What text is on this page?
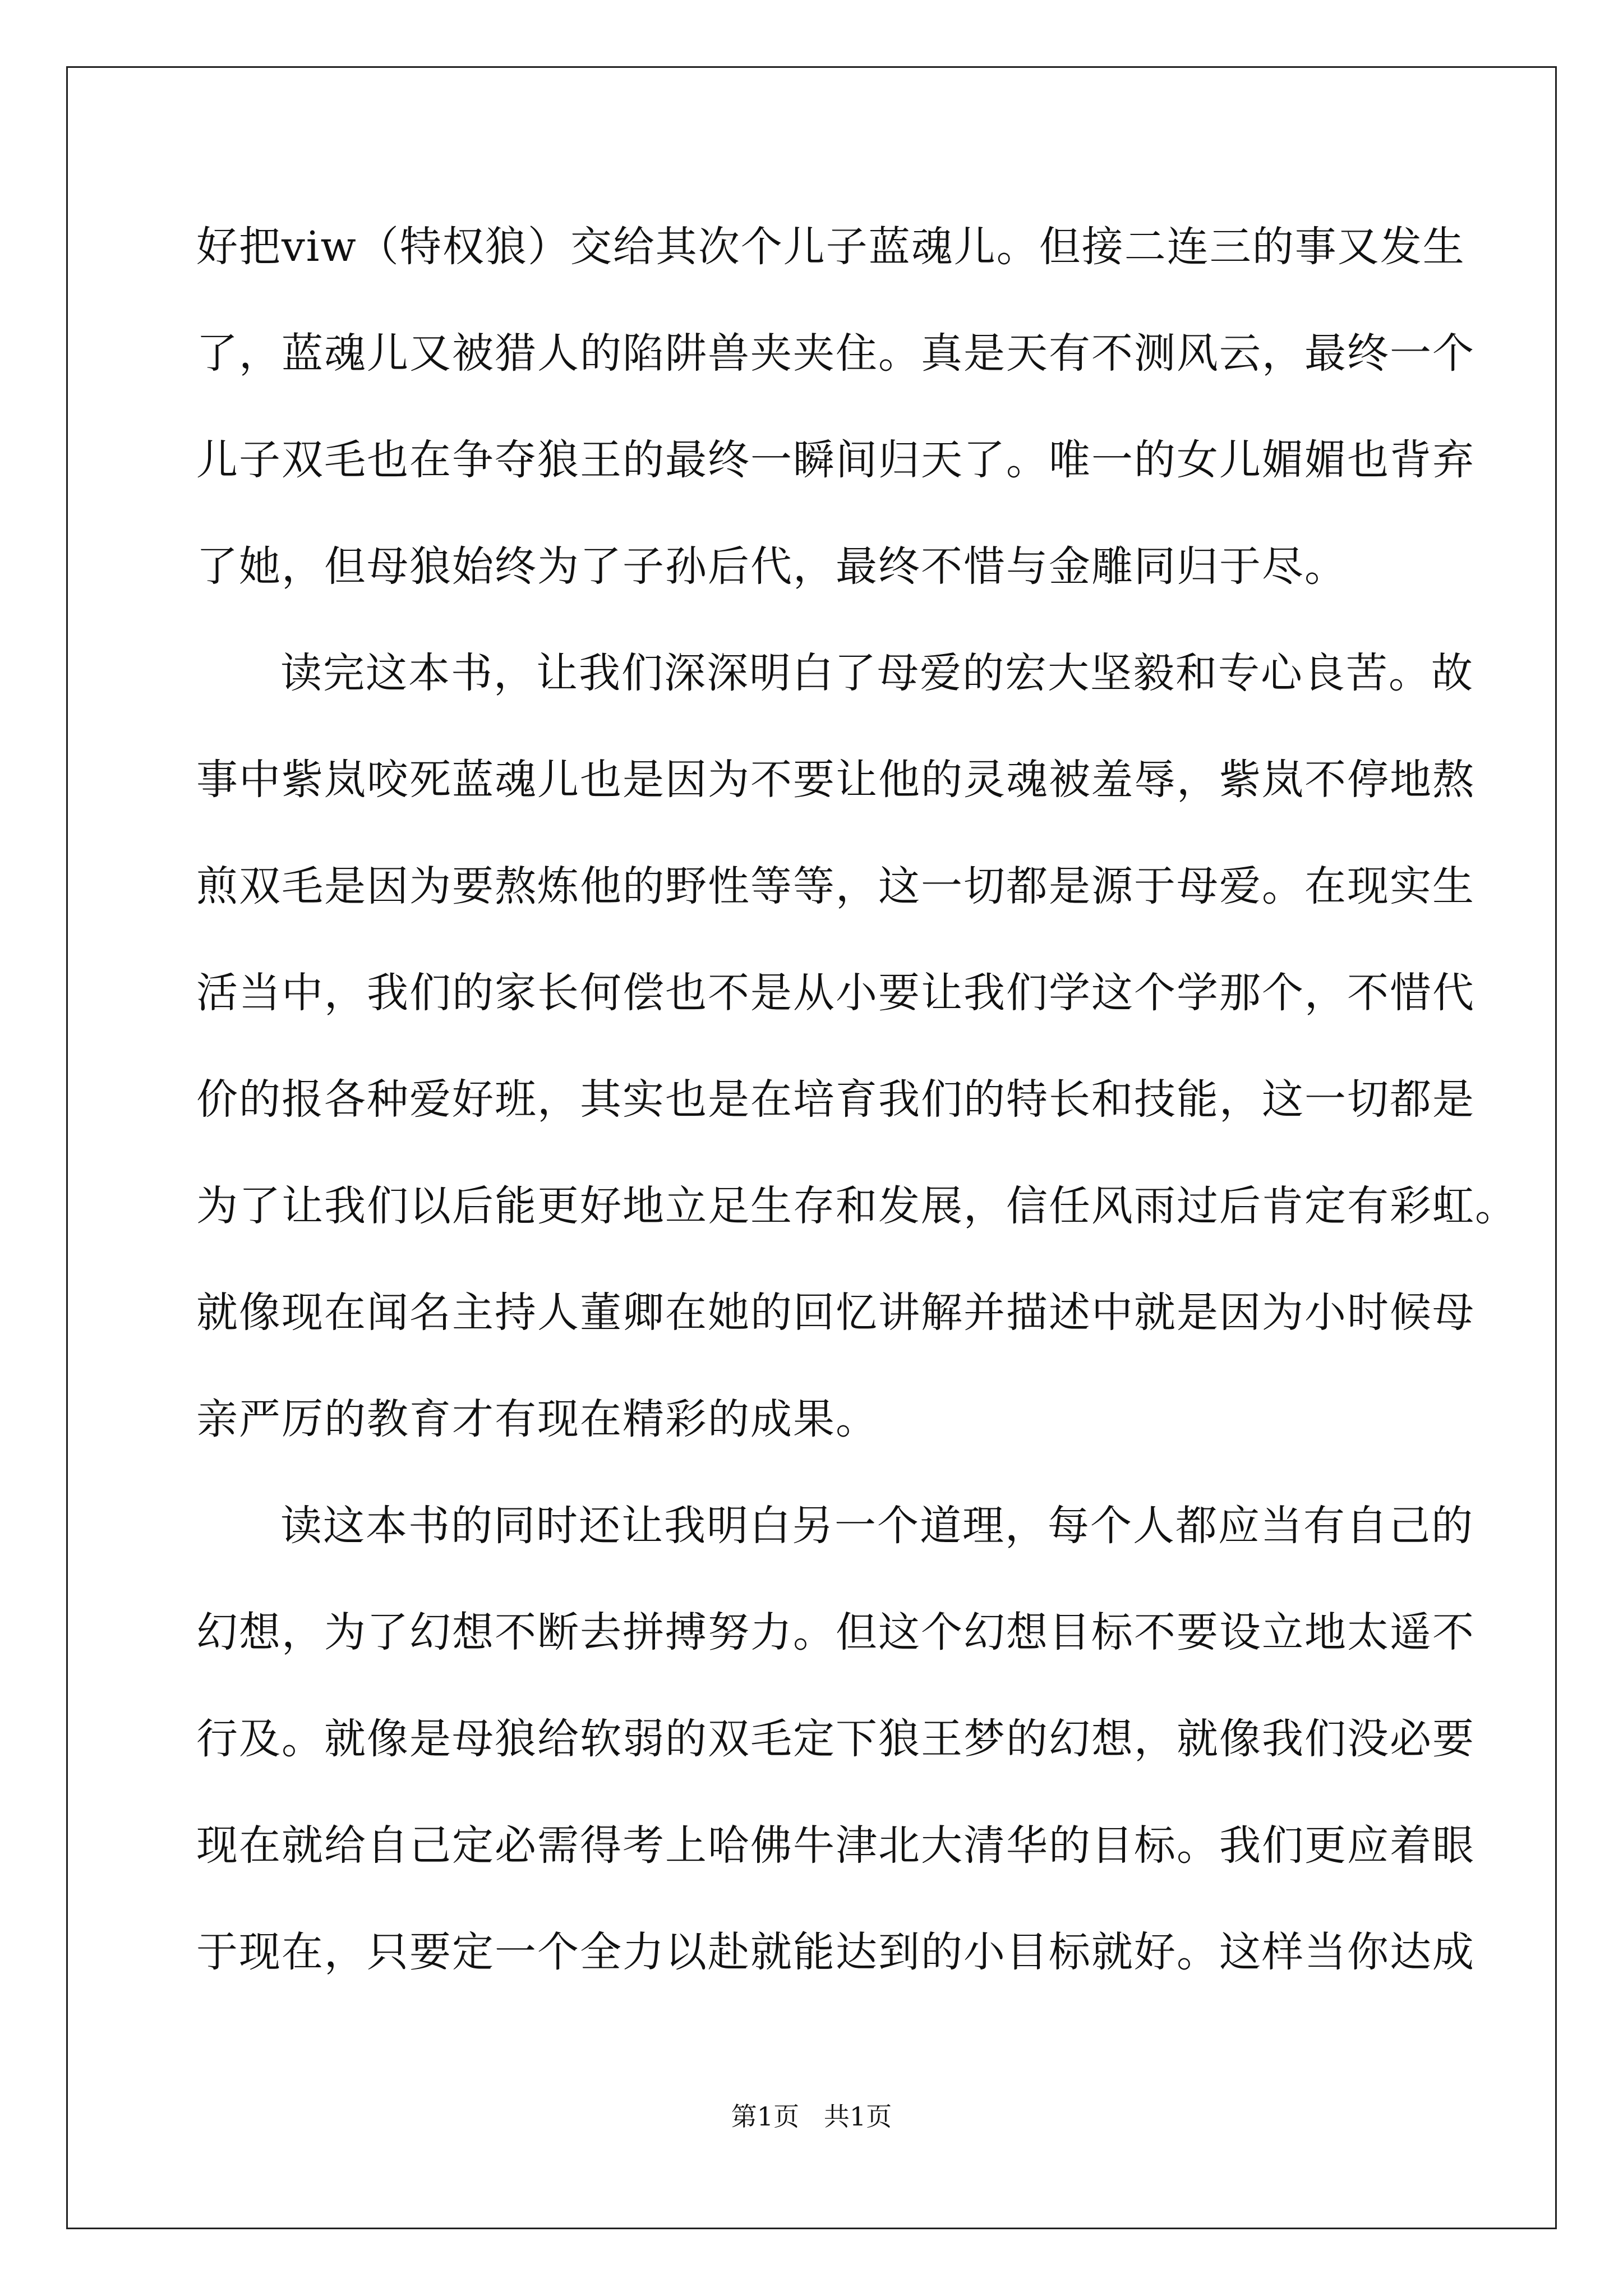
好把viw（特权狼）交给其次个儿子蓝魂儿。但接二连三的事又发生
了，蓝魂儿又被猎人的陷阱兽夹夹住。真是天有不测风云，最终一个
儿子双毛也在争夺狼王的最终一瞬间归天了。唯一的女儿媚媚也背弃
了她，但母狼始终为了子孙后代，最终不惜与金雕同归于尽。
读完这本书，让我们深深明白了母爱的宏大坚毅和专心良苦。故
事中紫岚咬死蓝魂儿也是因为不要让他的灵魂被羞辱，紫岚不停地熬
煎双毛是因为要熬炼他的野性等等，这一切都是源于母爱。在现实生
活当中，我们的家长何偿也不是从小要让我们学这个学那个，不惜代
价的报各种爱好班，其实也是在培育我们的特长和技能，这一切都是
为了让我们以后能更好地立足生存和发展，信任风雨过后肯定有彩虹。
就像现在闻名主持人董卿在她的回忆讲解并描述中就是因为小时候母
亲严厉的教育才有现在精彩的成果。
读这本书的同时还让我明白另一个道理，每个人都应当有自己的
幻想，为了幻想不断去拼搏努力。但这个幻想目标不要设立地太遥不
行及。就像是母狼给软弱的双毛定下狼王梦的幻想，就像我们没必要
现在就给自己定必需得考上哈佛牛津北大清华的目标。我们更应着眼
于现在，只要定一个全力以赴就能达到的小目标就好。这样当你达成
第1页   共1页
